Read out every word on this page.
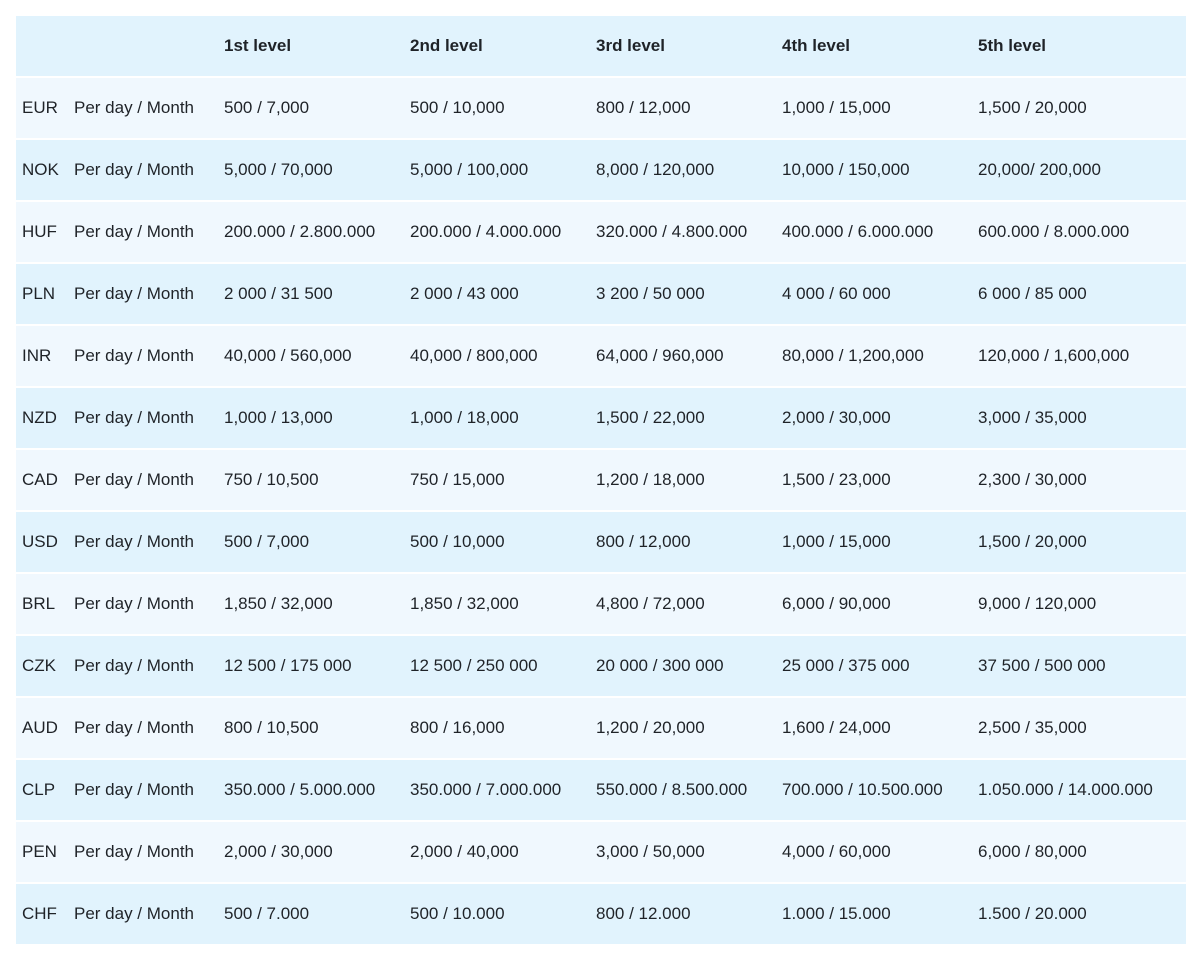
		1st level	2nd level	3rd level	4th level	5th level
EUR	Per day / Month	500 / 7,000	500 / 10,000	800 / 12,000	1,000 / 15,000	1,500 / 20,000
NOK	Per day / Month	5,000 / 70,000	5,000 / 100,000	8,000 / 120,000	10,000 / 150,000	20,000/ 200,000
HUF	Per day / Month	200.000 / 2.800.000	200.000 / 4.000.000	320.000 / 4.800.000	400.000 / 6.000.000	600.000 / 8.000.000
PLN	Per day / Month	2 000 / 31 500	2 000 / 43 000	3 200 / 50 000	4 000 / 60 000	6 000 / 85 000
INR	Per day / Month	40,000 / 560,000	40,000 / 800,000	64,000 / 960,000	80,000 / 1,200,000	120,000 / 1,600,000
NZD	Per day / Month	1,000 / 13,000	1,000 / 18,000	1,500 / 22,000	2,000 / 30,000	3,000 / 35,000
CAD	Per day / Month	750 / 10,500	750 / 15,000	1,200 / 18,000	1,500 / 23,000	2,300 / 30,000
USD	Per day / Month	500 / 7,000	500 / 10,000	800 / 12,000	1,000 / 15,000	1,500 / 20,000
BRL	Per day / Month	1,850 / 32,000	1,850 / 32,000	4,800 / 72,000	6,000 / 90,000	9,000 / 120,000
CZK	Per day / Month	12 500 / 175 000	12 500 / 250 000	20 000 / 300 000	25 000 / 375 000	37 500 / 500 000
AUD	Per day / Month	800 / 10,500	800 / 16,000	1,200 / 20,000	1,600 / 24,000	2,500 / 35,000
CLP	Per day / Month	350.000 / 5.000.000	350.000 / 7.000.000	550.000 / 8.500.000	700.000 / 10.500.000	1.050.000 / 14.000.000
PEN	Per day / Month	2,000 / 30,000	2,000 / 40,000	3,000 / 50,000	4,000 / 60,000	6,000 / 80,000
CHF	Per day / Month	500 / 7.000	500 / 10.000	800 / 12.000	1.000 / 15.000	1.500 / 20.000
